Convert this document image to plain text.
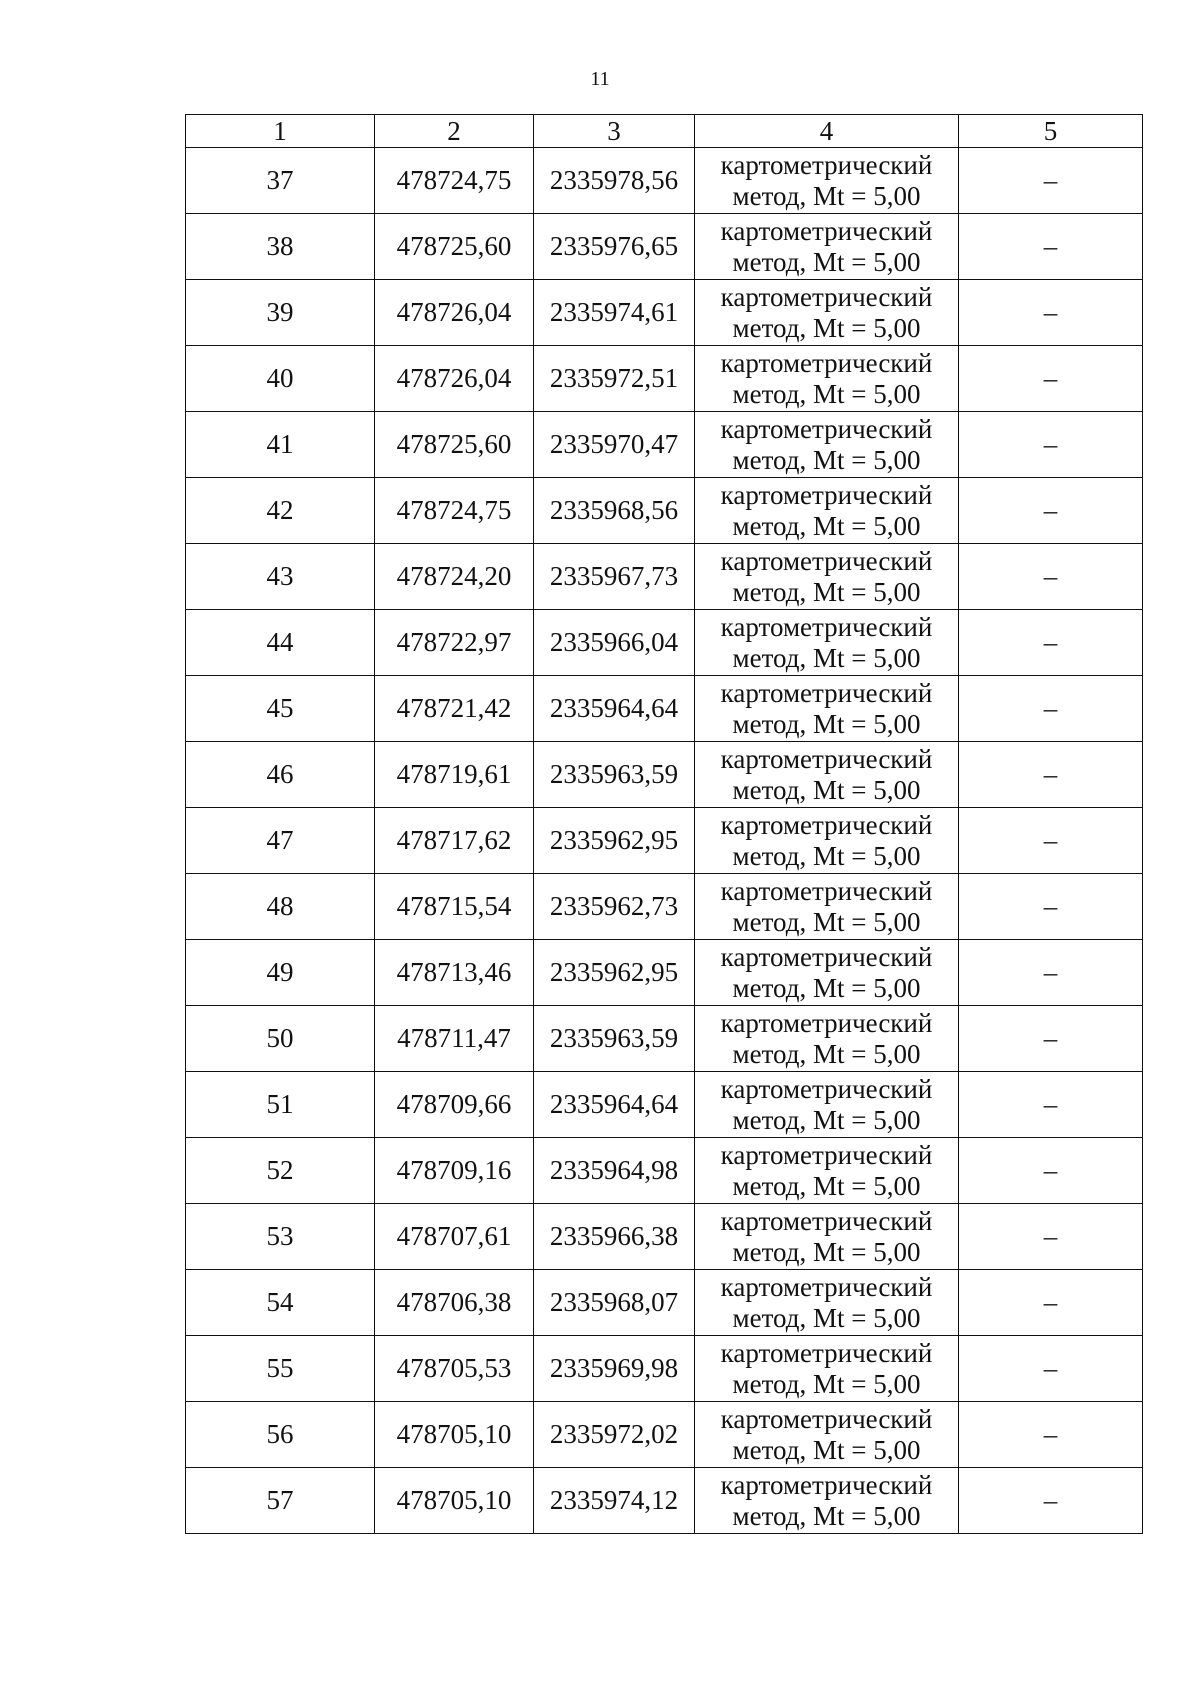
11
1	2	3	4	5
37	478724,75	2335978,56	картометрический
метод, Mt = 5,00	–
38	478725,60	2335976,65	картометрический
метод, Mt = 5,00	–
39	478726,04	2335974,61	картометрический
метод, Mt = 5,00	–
40	478726,04	2335972,51	картометрический
метод, Mt = 5,00	–
41	478725,60	2335970,47	картометрический
метод, Mt = 5,00	–
42	478724,75	2335968,56	картометрический
метод, Mt = 5,00	–
43	478724,20	2335967,73	картометрический
метод, Mt = 5,00	–
44	478722,97	2335966,04	картометрический
метод, Mt = 5,00	–
45	478721,42	2335964,64	картометрический
метод, Mt = 5,00	–
46	478719,61	2335963,59	картометрический
метод, Mt = 5,00	–
47	478717,62	2335962,95	картометрический
метод, Mt = 5,00	–
48	478715,54	2335962,73	картометрический
метод, Mt = 5,00	–
49	478713,46	2335962,95	картометрический
метод, Mt = 5,00	–
50	478711,47	2335963,59	картометрический
метод, Mt = 5,00	–
51	478709,66	2335964,64	картометрический
метод, Mt = 5,00	–
52	478709,16	2335964,98	картометрический
метод, Mt = 5,00	–
53	478707,61	2335966,38	картометрический
метод, Mt = 5,00	–
54	478706,38	2335968,07	картометрический
метод, Mt = 5,00	–
55	478705,53	2335969,98	картометрический
метод, Mt = 5,00	–
56	478705,10	2335972,02	картометрический
метод, Mt = 5,00	–
57	478705,10	2335974,12	картометрический
метод, Mt = 5,00	–
